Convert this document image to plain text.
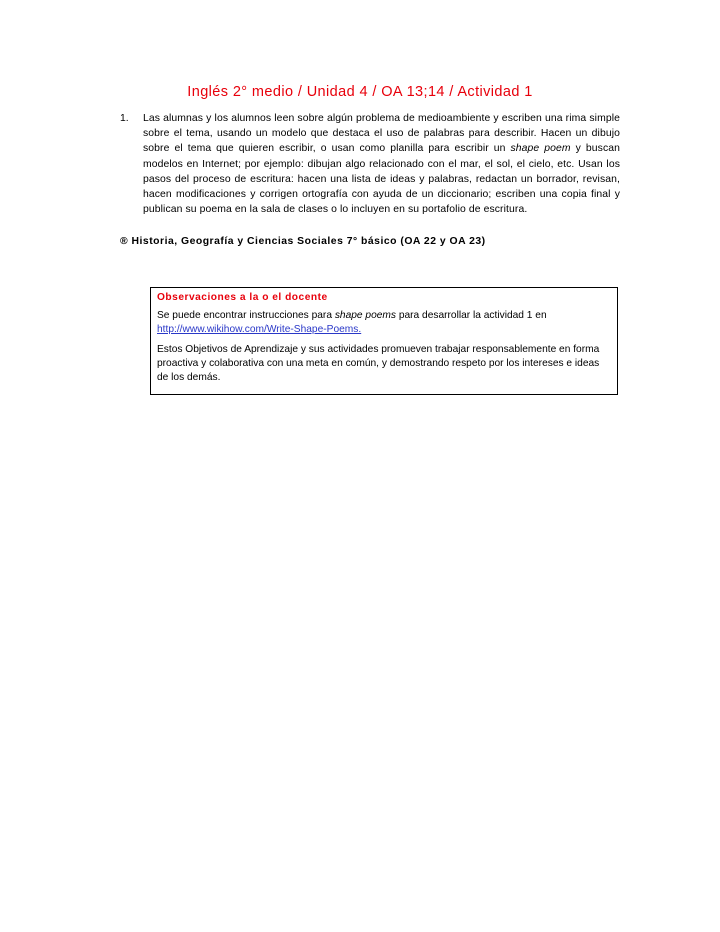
Inglés 2° medio / Unidad 4 / OA 13;14 / Actividad 1
1.	Las alumnas y los alumnos leen sobre algún problema de medioambiente y escriben una rima simple sobre el tema, usando un modelo que destaca el uso de palabras para describir. Hacen un dibujo sobre el tema que quieren escribir, o usan como planilla para escribir un shape poem y buscan modelos en Internet; por ejemplo: dibujan algo relacionado con el mar, el sol, el cielo, etc. Usan los pasos del proceso de escritura: hacen una lista de ideas y palabras, redactan un borrador, revisan, hacen modificaciones y corrigen ortografía con ayuda de un diccionario; escriben una copia final y publican su poema en la sala de clases o lo incluyen en su portafolio de escritura.
® Historia, Geografía y Ciencias Sociales 7° básico (OA 22 y OA 23)
Observaciones a la o el docente

Se puede encontrar instrucciones para shape poems para desarrollar la actividad 1 en http://www.wikihow.com/Write-Shape-Poems.

Estos Objetivos de Aprendizaje y sus actividades promueven trabajar responsablemente en forma proactiva y colaborativa con una meta en común, y demostrando respeto por los intereses e ideas de los demás.
